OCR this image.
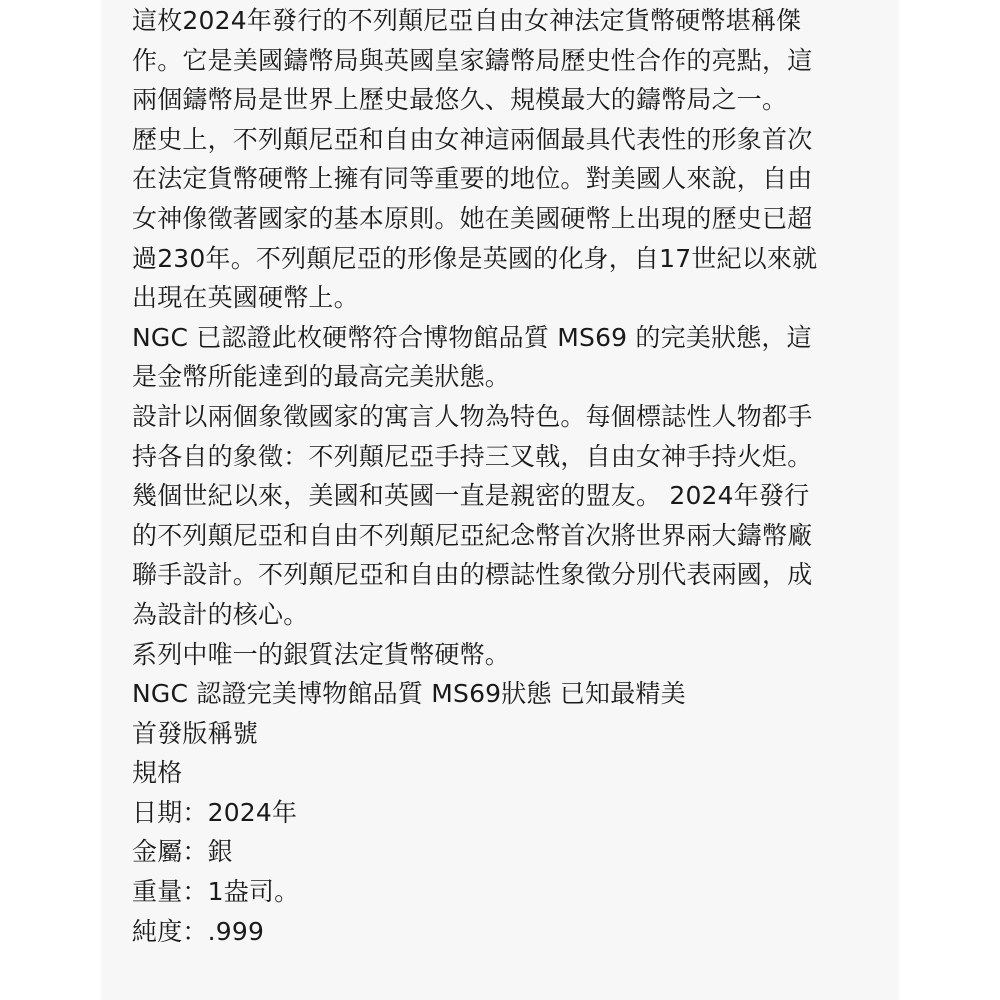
這枚2024年發行的不列顛尼亞自由女神法定貨幣硬幣堪稱傑
作。它是美國鑄幣局與英國皇家鑄幣局歷史性合作的亮點，這
兩個鑄幣局是世界上歷史最悠久、規模最大的鑄幣局之一。
歷史上，不列顛尼亞和自由女神這兩個最具代表性的形象首次
在法定貨幣硬幣上擁有同等重要的地位。對美國人來說，自由
女神像徵著國家的基本原則。她在美國硬幣上出現的歷史已超
過230年。不列顛尼亞的形像是英國的化身，自17世紀以來就
出現在英國硬幣上。
NGC 已認證此枚硬幣符合博物館品質 MS69 的完美狀態，這
是金幣所能達到的最高完美狀態。
設計以兩個象徵國家的寓言人物為特色。每個標誌性人物都手
持各自的象徵：不列顛尼亞手持三叉戟，自由女神手持火炬。
幾個世紀以來，美國和英國一直是親密的盟友。 2024年發行
的不列顛尼亞和自由不列顛尼亞紀念幣首次將世界兩大鑄幣廠
聯手設計。不列顛尼亞和自由的標誌性象徵分別代表兩國，成
為設計的核心。
系列中唯一的銀質法定貨幣硬幣。
NGC 認證完美博物館品質 MS69狀態 已知最精美
首發版稱號
規格
日期：2024年
金屬：銀
重量：1盎司。
純度：.999
